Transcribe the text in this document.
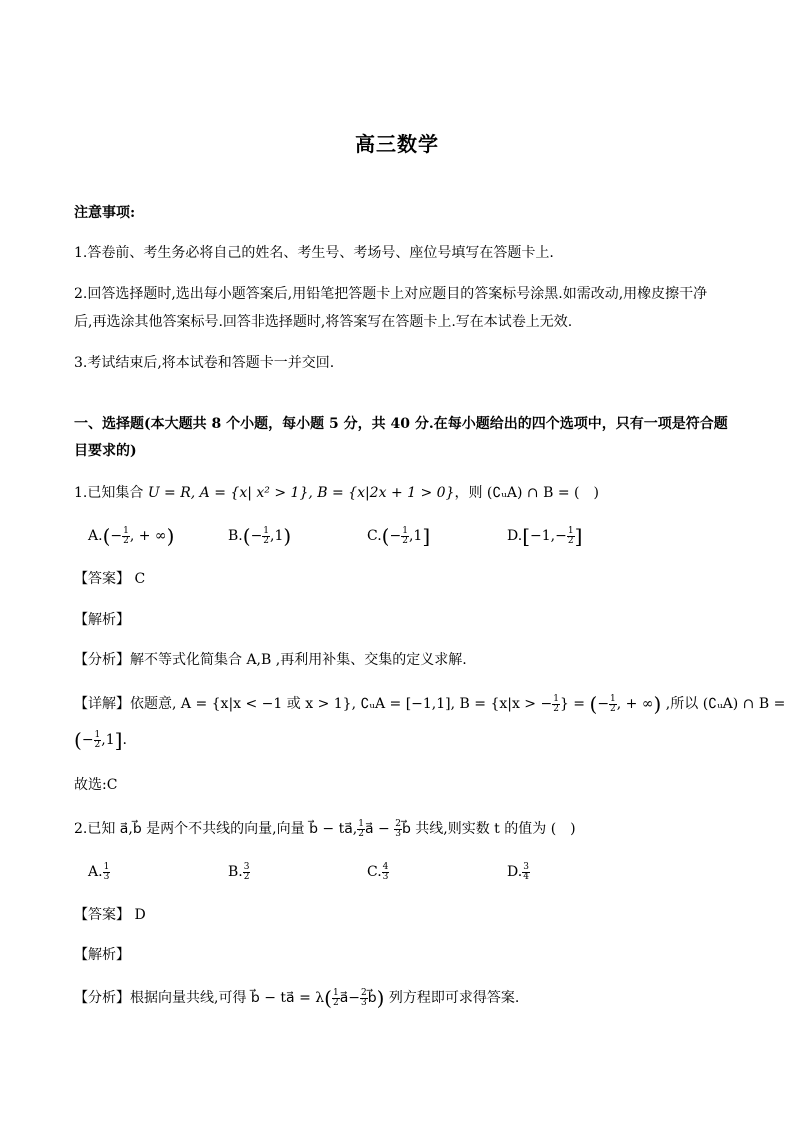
高三数学
注意事项:
1.答卷前、考生务必将自己的姓名、考生号、考场号、座位号填写在答题卡上.
2.回答选择题时,选出每小题答案后,用铅笔把答题卡上对应题目的答案标号涂黑.如需改动,用橡皮擦干净
后,再选涂其他答案标号.回答非选择题时,将答案写在答题卡上.写在本试卷上无效.
3.考试结束后,将本试卷和答题卡一并交回.
一、选择题(本大题共 8 个小题，每小题 5 分，共 40 分.在每小题给出的四个选项中，只有一项是符合题
目要求的)
1.已知集合 U = R, A = {x| x² > 1}, B = {x|2x + 1 > 0}，则 (∁ᵤA) ∩ B = (　)
$A.(- \frac{1}{2}$ , + ∞)	$B.(- \frac{1}{2} ,1)$	$C.(- \frac{1}{2} ,1]$	$D.[-1,- \frac{1}{2}$ ]
【答案】 C
【解析】
【分析】解不等式化简集合 A,B ,再利用补集、交集的定义求解.
【详解】依题意, A = {x|x < −1 或 x > 1}, ∁ᵤA = [−1,1], B = {x|x > − $\frac{1}{2}$ } = (− $\frac{1}{2}$ , + ∞) ,所以 (∁ᵤA) ∩ B =
(− $\frac{1}{2} ,1$].
故选:C
2.已知 a⃗,b⃗ 是两个不共线的向量,向量 b⃗ − ta⃗, $\frac{1}{2}$ a⃗ − $\frac{2}{3}$ b⃗ 共线,则实数 t 的值为 (　)
A. $\frac{1}{3}$	B. $\frac{3}{2}$	C. $\frac{4}{3}$	D. $\frac{3}{4}$
【答案】 D
【解析】
【分析】根据向量共线,可得 b⃗ − ta⃗ = $\lambda( \frac{1}{2}$ a⃗− $\frac{2}{3}$ b⃗) 列方程即可求得答案.
